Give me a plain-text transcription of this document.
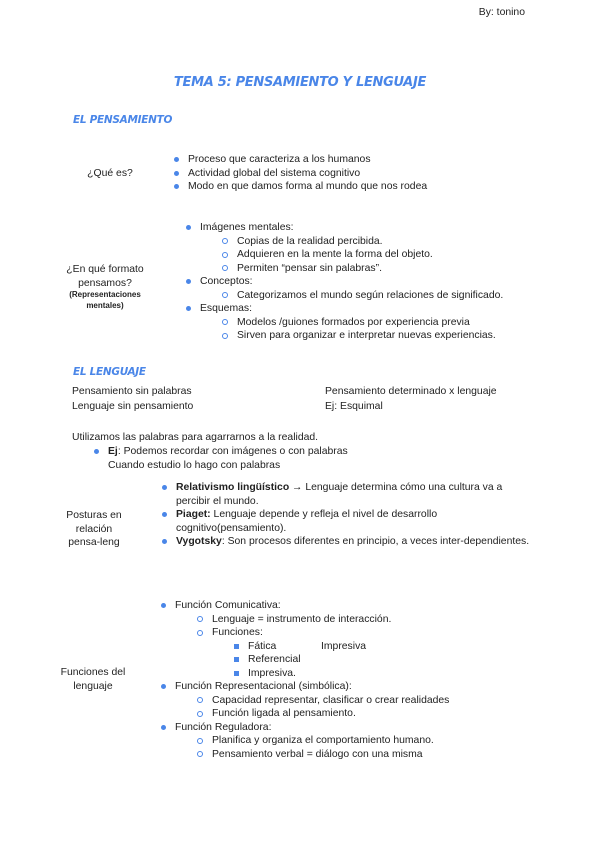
By: tonino
TEMA 5: PENSAMIENTO Y LENGUAJE
EL PENSAMIENTO
¿Qué es?
Proceso que caracteriza a los humanos
Actividad global del sistema cognitivo
Modo en que damos forma al mundo que nos rodea
¿En qué formato pensamos?
(Representaciones mentales)
Imágenes mentales:
Copias de la realidad percibida.
Adquieren en la mente la forma del objeto.
Permiten “pensar sin palabras”.
Conceptos:
Categorizamos el mundo según relaciones de significado.
Esquemas:
Modelos /guiones formados por experiencia previa
Sirven para organizar e interpretar nuevas experiencias.
EL LENGUAJE
Pensamiento sin palabras
Lenguaje sin pensamiento
Pensamiento determinado x lenguaje
Ej: Esquimal
Utilizamos las palabras para agarrarnos a la realidad.
Ej: Podemos recordar con imágenes o con palabras
Cuando estudio lo hago con palabras
Posturas en relación pensa-leng
Relativismo lingüístico → Lenguaje determina cómo una cultura va a percibir el mundo.
Piaget: Lenguaje depende y refleja el nivel de desarrollo cognitivo(pensamiento).
Vygotsky: Son procesos diferentes en principio, a veces inter-dependientes.
Funciones del lenguaje
Función Comunicativa:
Lenguaje = instrumento de interacción.
Funciones:
Fática	Impresiva
Referencial
Impresiva.
Función Representacional (simbólica):
Capacidad representar, clasificar o crear realidades
Función ligada al pensamiento.
Función Reguladora:
Planifica y organiza el comportamiento humano.
Pensamiento verbal = diálogo con una misma
